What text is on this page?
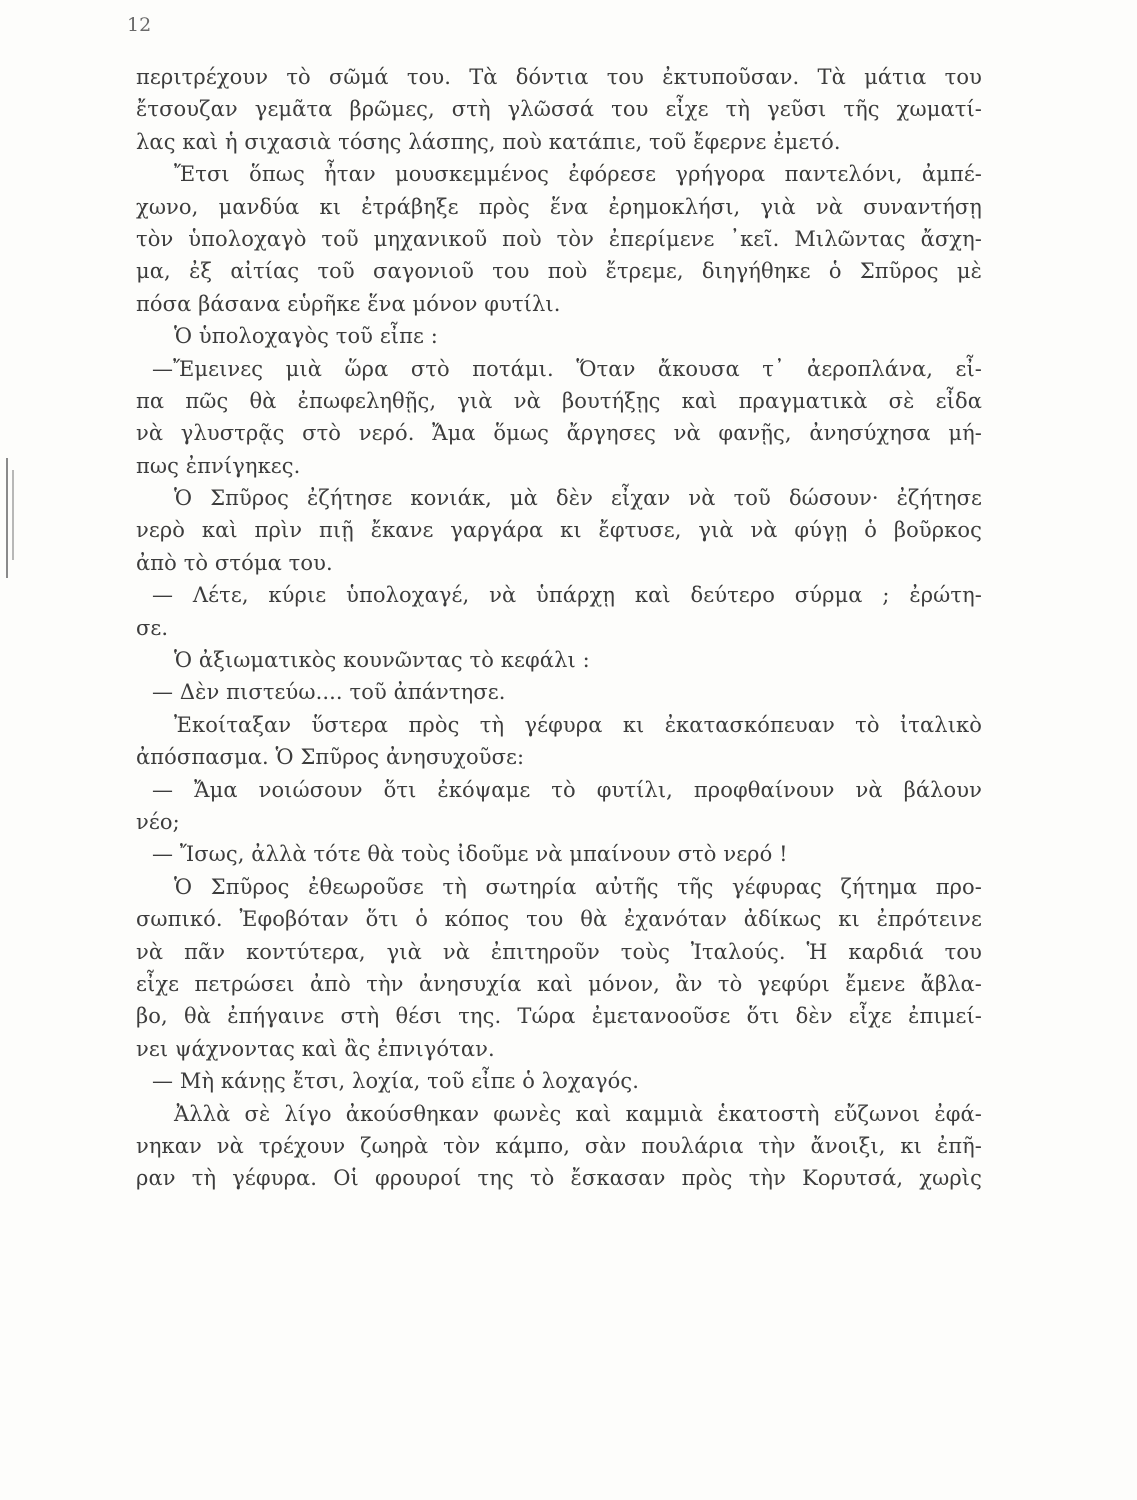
12
περιτρέχουν τὸ σῶμά του. Τὰ δόντια του ἐκτυποῦσαν. Τὰ μάτια του
ἔτσουζαν γεμᾶτα βρῶμες, στὴ γλῶσσά του εἶχε τὴ γεῦσι τῆς χωματί-
λας καὶ ἡ σιχασιὰ τόσης λάσπης, ποὺ κατάπιε, τοῦ ἔφερνε ἐμετό.
Ἔτσι ὅπως ἦταν μουσκεμμένος ἐφόρεσε γρήγορα παντελόνι, ἀμπέ-
χωνο, μανδύα κι ἐτράβηξε πρὸς ἕνα ἐρημοκλήσι, γιὰ νὰ συναντήσῃ
τὸν ὑπολοχαγὸ τοῦ μηχανικοῦ ποὺ τὸν ἐπερίμενε ᾽κεῖ. Μιλῶντας ἄσχη-
μα, ἐξ αἰτίας τοῦ σαγονιοῦ του ποὺ ἔτρεμε, διηγήθηκε ὁ Σπῦρος μὲ
πόσα βάσανα εὑρῆκε ἕνα μόνον φυτίλι.
Ὁ ὑπολοχαγὸς τοῦ εἶπε :
—Ἔμεινες μιὰ ὥρα στὸ ποτάμι. Ὅταν ἄκουσα τ᾽ ἀεροπλάνα, εἶ-
πα πῶς θὰ ἐπωφεληθῇς, γιὰ νὰ βουτήξῃς καὶ πραγματικὰ σὲ εἶδα
νὰ γλυστρᾷς στὸ νερό. Ἄμα ὅμως ἄργησες νὰ φανῇς, ἀνησύχησα μή-
πως ἐπνίγηκες.
Ὁ Σπῦρος ἐζήτησε κονιάκ, μὰ δὲν εἶχαν νὰ τοῦ δώσουν· ἐζήτησε
νερὸ καὶ πρὶν πιῇ ἔκανε γαργάρα κι ἔφτυσε, γιὰ νὰ φύγῃ ὁ βοῦρκος
ἀπὸ τὸ στόμα του.
— Λέτε, κύριε ὑπολοχαγέ, νὰ ὑπάρχῃ καὶ δεύτερο σύρμα ; ἐρώτη-
σε.
Ὁ ἀξιωματικὸς κουνῶντας τὸ κεφάλι :
— Δὲν πιστεύω.... τοῦ ἀπάντησε.
Ἐκοίταξαν ὕστερα πρὸς τὴ γέφυρα κι ἐκατασκόπευαν τὸ ἰταλικὸ
ἀπόσπασμα. Ὁ Σπῦρος ἀνησυχοῦσε:
— Ἄμα νοιώσουν ὅτι ἐκόψαμε τὸ φυτίλι, προφθαίνουν νὰ βάλουν
νέο;
— Ἴσως, ἀλλὰ τότε θὰ τοὺς ἰδοῦμε νὰ μπαίνουν στὸ νερό !
Ὁ Σπῦρος ἐθεωροῦσε τὴ σωτηρία αὐτῆς τῆς γέφυρας ζήτημα προ-
σωπικό. Ἐφοβόταν ὅτι ὁ κόπος του θὰ ἐχανόταν ἀδίκως κι ἐπρότεινε
νὰ πᾶν κοντύτερα, γιὰ νὰ ἐπιτηροῦν τοὺς Ἰταλούς. Ἡ καρδιά του
εἶχε πετρώσει ἀπὸ τὴν ἀνησυχία καὶ μόνον, ἂν τὸ γεφύρι ἔμενε ἄβλα-
βο, θὰ ἐπήγαινε στὴ θέσι της. Τώρα ἐμετανοοῦσε ὅτι δὲν εἶχε ἐπιμεί-
νει ψάχνοντας καὶ ἂς ἐπνιγόταν.
— Μὴ κάνῃς ἔτσι, λοχία, τοῦ εἶπε ὁ λοχαγός.
Ἀλλὰ σὲ λίγο ἀκούσθηκαν φωνὲς καὶ καμμιὰ ἑκατοστὴ εὔζωνοι ἐφά-
νηκαν νὰ τρέχουν ζωηρὰ τὸν κάμπο, σὰν πουλάρια τὴν ἄνοιξι, κι ἐπῆ-
ραν τὴ γέφυρα. Οἱ φρουροί της τὸ ἔσκασαν πρὸς τὴν Κορυτσά, χωρὶς
